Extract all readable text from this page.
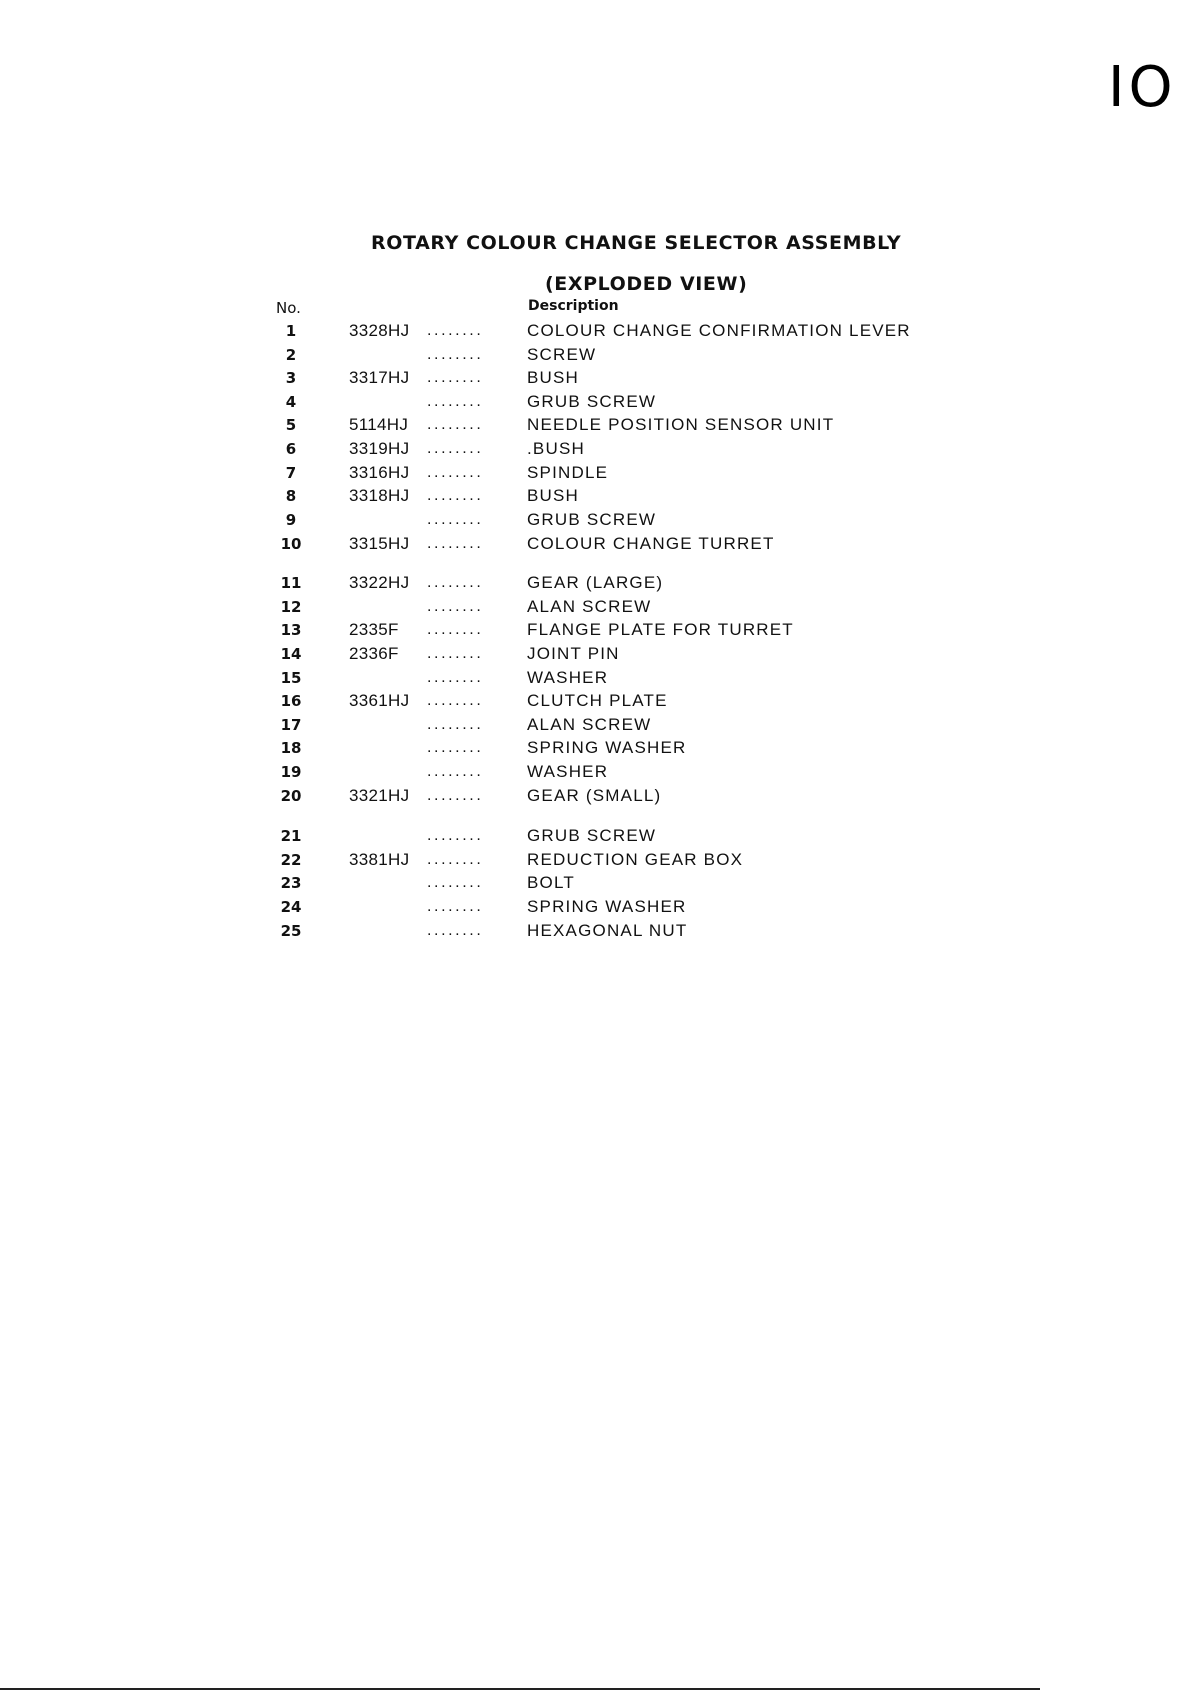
IO
ROTARY COLOUR CHANGE SELECTOR ASSEMBLY
(EXPLODED VIEW)
No.	Description
1	3328HJ ........	COLOUR CHANGE CONFIRMATION LEVER
2	........	SCREW
3	3317HJ ........	BUSH
4	........	GRUB SCREW
5	5114HJ ........	NEEDLE POSITION SENSOR UNIT
6	3319HJ ........	.BUSH
7	3316HJ ........	SPINDLE
8	3318HJ ........	BUSH
9	........	GRUB SCREW
10	3315HJ ........	COLOUR CHANGE TURRET
11	3322HJ ........	GEAR (LARGE)
12	........	ALAN SCREW
13	2335F ........	FLANGE PLATE FOR TURRET
14	2336F ........	JOINT PIN
15	........	WASHER
16	3361HJ ........	CLUTCH PLATE
17	........	ALAN SCREW
18	........	SPRING WASHER
19	........	WASHER
20	3321HJ ........	GEAR (SMALL)
21	........	GRUB SCREW
22	3381HJ ........	REDUCTION GEAR BOX
23	........	BOLT
24	........	SPRING WASHER
25	........	HEXAGONAL NUT
